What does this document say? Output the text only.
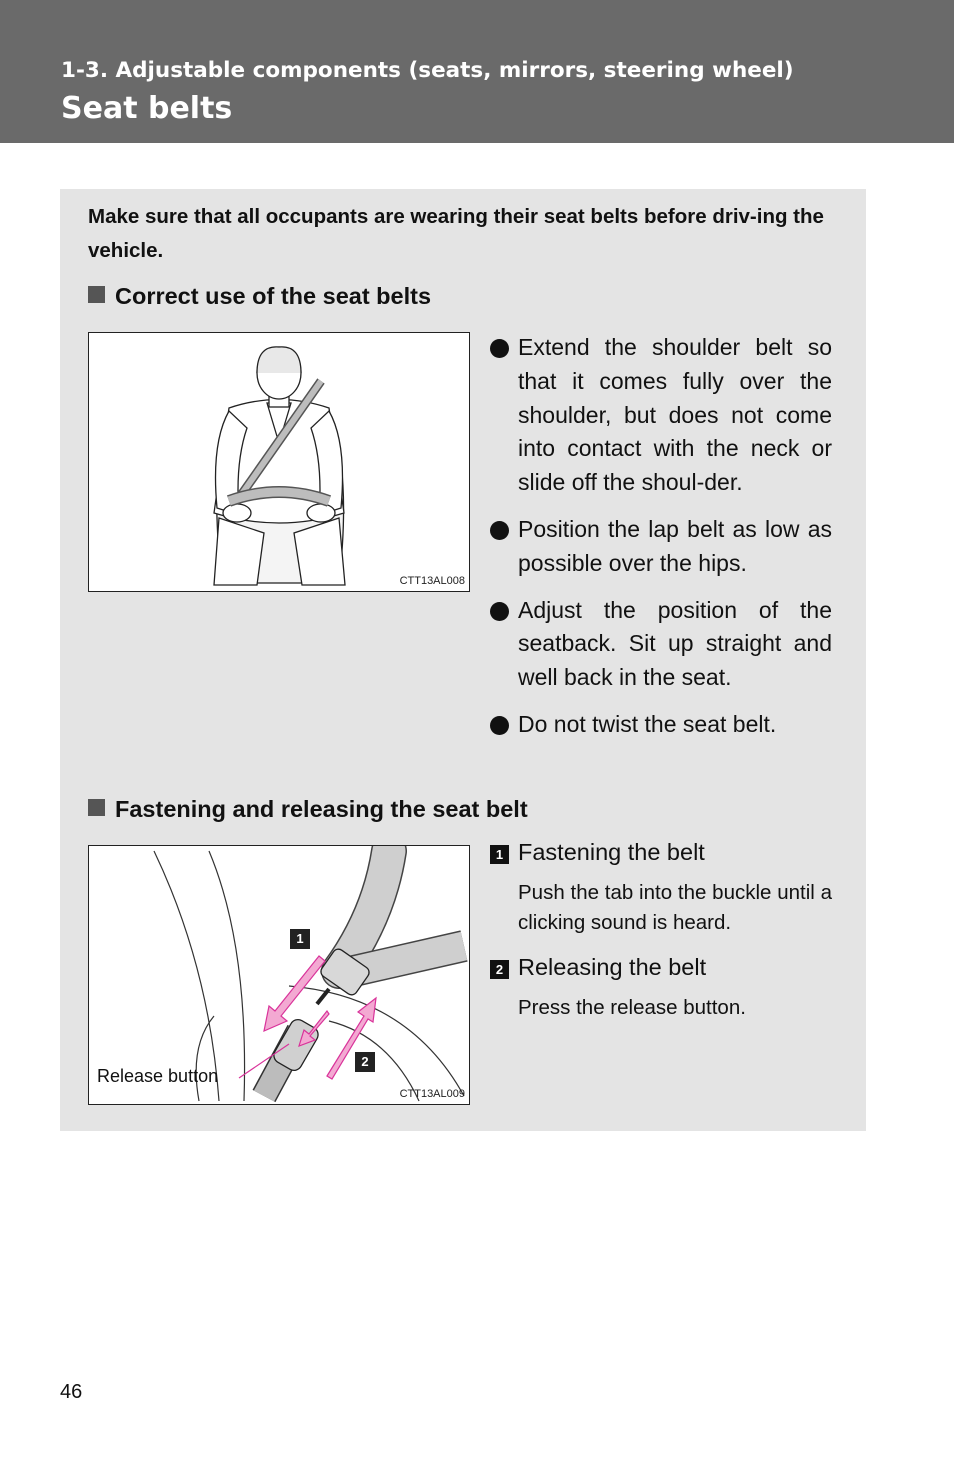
1-3. Adjustable components (seats, mirrors, steering wheel)
Seat belts
Make sure that all occupants are wearing their seat belts before driv-ing the vehicle.
Correct use of the seat belts
CTT13AL008
Extend the shoulder belt so that it comes fully over the shoulder, but does not come into contact with the neck or slide off the shoul-der.
Position the lap belt as low as possible over the hips.
Adjust the position of the seatback. Sit up straight and well back in the seat.
Do not twist the seat belt.
Fastening and releasing the seat belt
1
2
Release button
CTT13AL009
1 Fastening the belt
Push the tab into the buckle until a clicking sound is heard.
2 Releasing the belt
Press the release button.
46
